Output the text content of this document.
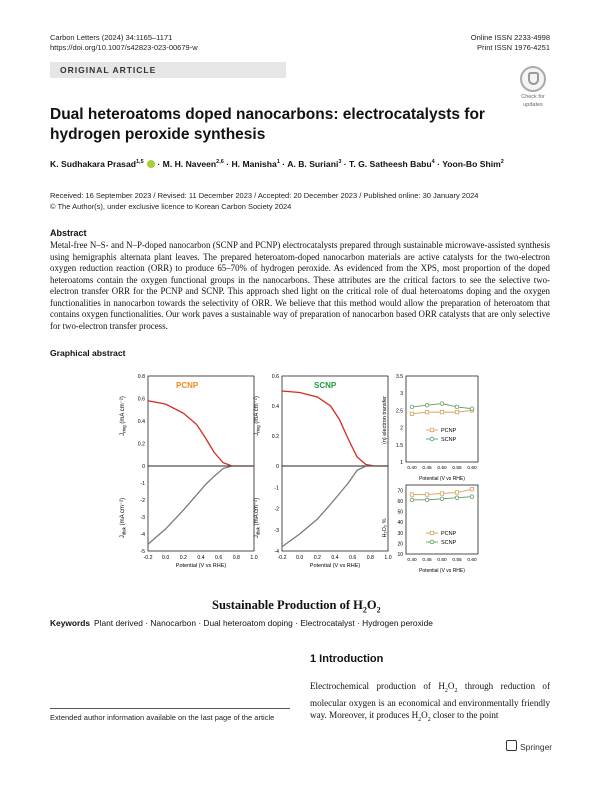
Carbon Letters (2024) 34:1165–1171
https://doi.org/10.1007/s42823-023-00679-w
Online ISSN 2233-4998
Print ISSN 1976-4251
ORIGINAL ARTICLE
Check for
updates
Dual heteroatoms doped nanocarbons: electrocatalysts for hydrogen peroxide synthesis
K. Sudhakara Prasad$^{1,5}$  · M. H. Naveen$^{2,6}$ · H. Manisha$^1$ · A. B. Suriani$^3$ · T. G. Satheesh Babu$^4$ · Yoon-Bo Shim$^2$
Received: 16 September 2023 / Revised: 11 December 2023 / Accepted: 20 December 2023 / Published online: 30 January 2024
© The Author(s), under exclusive licence to Korean Carbon Society 2024
Abstract

Metal-free N–S- and N–P-doped nanocarbon (SCNP and PCNP) electrocatalysts prepared through sustainable microwave-assisted synthesis using hemigraphis alternata plant leaves. The prepared heteroatom-doped nanocarbon materials are active catalysts for the two-electron oxygen reduction reaction (ORR) to produce 65–70% of hydrogen peroxide. As evidenced from the XPS, most proportion of the doped heteroatoms contain the oxygen functional groups in the nanocarbons. These attributes are the critical factors to see the selective two-electron transfer ORR for the PCNP and SCNP. This approach shed light on the critical role of dual heteroatoms doping and the oxygen functionalities in nanocarbon towards the selectivity of ORR. We believe that this method would allow the preparation of heteroatom that contains oxygen functionalities. Our work paves a sustainable way of preparation of nanocarbon based ORR catalysts that are only selective for two-electron transfer process.

Graphical abstract
$J_{ring}$ (mA cm⁻²)
$J_{disk}$ (mA cm⁻²)
PCNP
0.8
0.6
0.4
0.2
0
-1
-2
-3
-4
-5
-0.2 0.0 0.2 0.4 0.6 0.8 1.0
Potential (V vs RHE)
$J_{ring}$ (mA cm⁻²)
$J_{disk}$ (mA cm⁻²)
SCNP
0.6
0.4
0.2
0
-1
-2
-3
-4
-0.2 0.0 0.2 0.4 0.6 0.8 1.0
Potential (V vs RHE)
(n) electron transfer	PCNP
SCNP
3.5
3
2.5
2
1.5
1
0.40 0.45 0.50 0.55 0.60
Potential (V vs RHE)
H₂O₂ %	PCNP
SCNP
70
60
50
40
30
20
10
0.40 0.45 0.50 0.55 0.60
Potential (V vs RHE)
Sustainable Production of $H_2O_2$
Keywords Plant derived · Nanocarbon · Dual heteroatom doping · Electrocatalyst · Hydrogen peroxide
1 Introduction

Electrochemical production of $H_2O_2$ through reduction of molecular oxygen is an economical and environmentally friendly way. Moreover, it produces $H_2O_2$ closer to the point

Extended author information available on the last page of the article
Springer
